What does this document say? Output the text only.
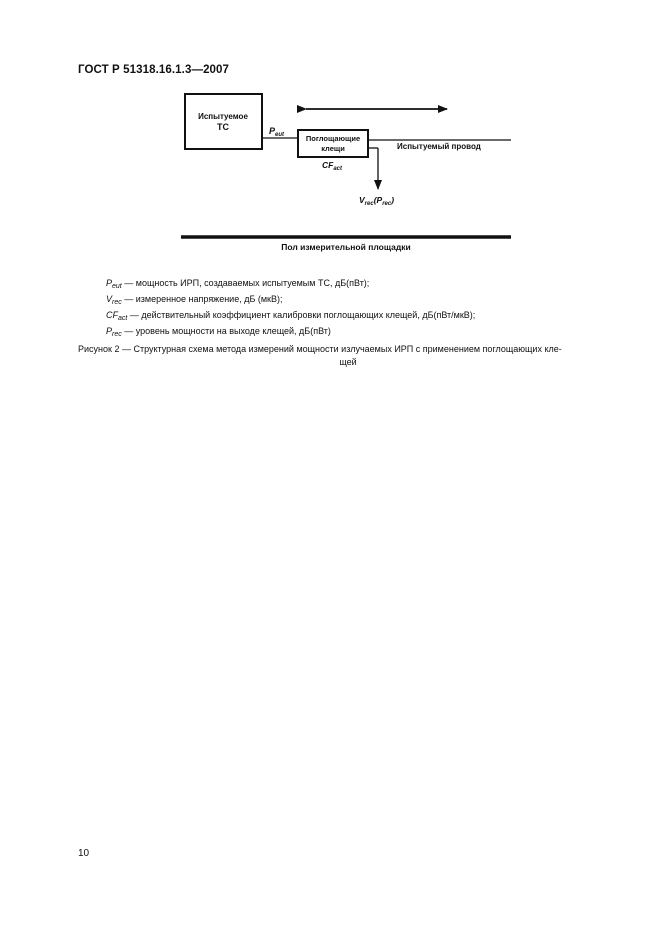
ГОСТ Р 51318.16.1.3—2007
Испытуемое
ТС	$P_{eut}$	Поглощающие
клещи	Испытуемый провод
$CF_{act}$
$V_{rec}(P_{rec})$
Пол измерительной площадки
$P_{eut}$ — мощность ИРП, создаваемых испытуемым ТС, дБ(пВт);
$V_{rec}$ — измеренное напряжение, дБ (мкВ);
$CF_{act}$ — действительный коэффициент калибровки поглощающих клещей, дБ(пВт/мкВ);
$P_{rec}$ — уровень мощности на выходе клещей, дБ(пВт)
Рисунок 2 — Структурная схема метода измерений мощности излучаемых ИРП с применением поглощающих кле-
щей
10
